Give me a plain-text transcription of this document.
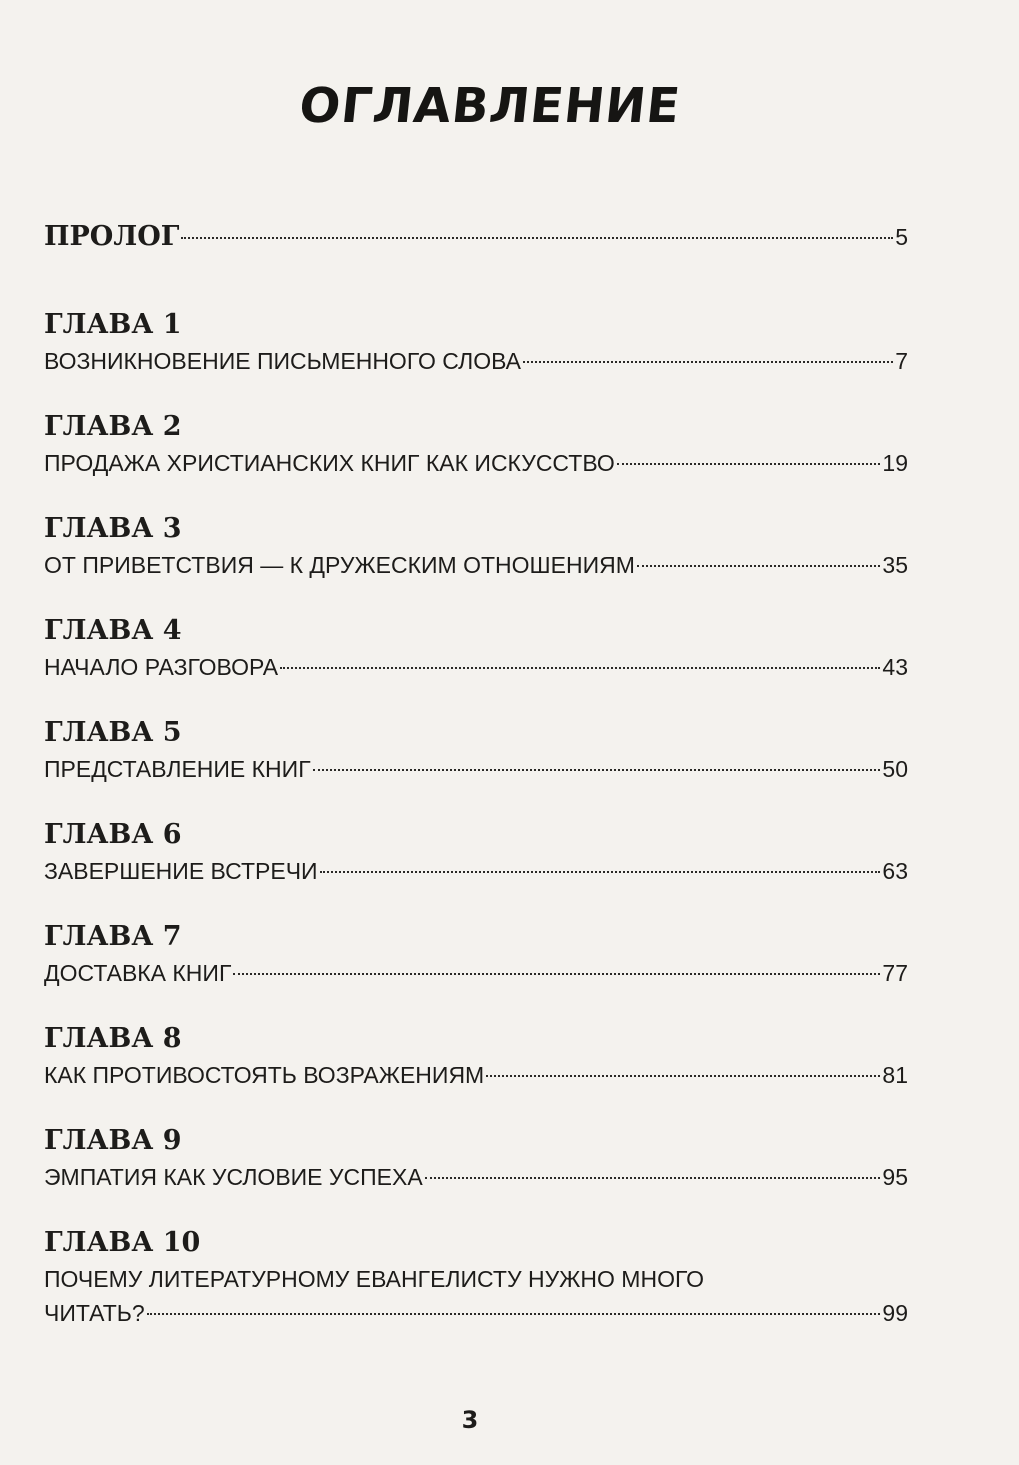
ОГЛАВЛЕНИЕ
ПРОЛОГ	5
ГЛАВА 1
ВОЗНИКНОВЕНИЕ ПИСЬМЕННОГО СЛОВА	7
ГЛАВА 2
ПРОДАЖА ХРИСТИАНСКИХ КНИГ КАК ИСКУССТВО	19
ГЛАВА 3
ОТ ПРИВЕТСТВИЯ — К ДРУЖЕСКИМ ОТНОШЕНИЯМ	35
ГЛАВА 4
НАЧАЛО РАЗГОВОРА	43
ГЛАВА 5
ПРЕДСТАВЛЕНИЕ КНИГ	50
ГЛАВА 6
ЗАВЕРШЕНИЕ ВСТРЕЧИ	63
ГЛАВА 7
ДОСТАВКА КНИГ	77
ГЛАВА 8
КАК ПРОТИВОСТОЯТЬ ВОЗРАЖЕНИЯМ	81
ГЛАВА 9
ЭМПАТИЯ КАК УСЛОВИЕ УСПЕХА	95
ГЛАВА 10
ПОЧЕМУ ЛИТЕРАТУРНОМУ ЕВАНГЕЛИСТУ НУЖНО МНОГО
ЧИТАТЬ?	99
3
